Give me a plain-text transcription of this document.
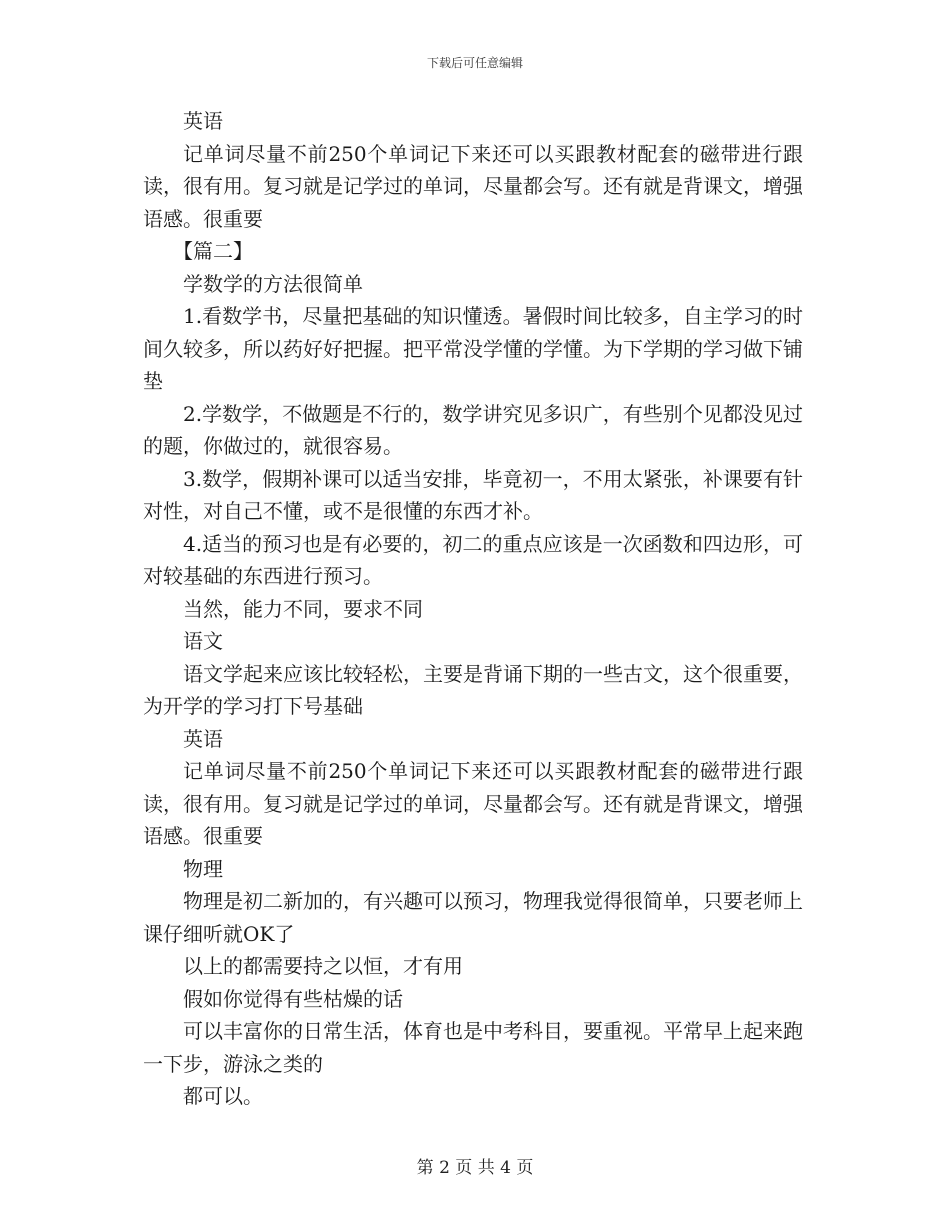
下载后可任意编辑

英语

记单词尽量不前250个单词记下来还可以买跟教材配套的磁带进行跟读，很有用。复习就是记学过的单词，尽量都会写。还有就是背课文，增强语感。很重要

【篇二】

学数学的方法很简单

1.看数学书，尽量把基础的知识懂透。暑假时间比较多，自主学习的时间久较多，所以药好好把握。把平常没学懂的学懂。为下学期的学习做下铺垫

2.学数学，不做题是不行的，数学讲究见多识广，有些别个见都没见过的题，你做过的，就很容易。

3.数学，假期补课可以适当安排，毕竟初一，不用太紧张，补课要有针对性，对自己不懂，或不是很懂的东西才补。

4.适当的预习也是有必要的，初二的重点应该是一次函数和四边形，可对较基础的东西进行预习。

当然，能力不同，要求不同

语文

语文学起来应该比较轻松，主要是背诵下期的一些古文，这个很重要，为开学的学习打下号基础

英语

记单词尽量不前250个单词记下来还可以买跟教材配套的磁带进行跟读，很有用。复习就是记学过的单词，尽量都会写。还有就是背课文，增强语感。很重要

物理

物理是初二新加的，有兴趣可以预习，物理我觉得很简单，只要老师上课仔细听就OK了

以上的都需要持之以恒，才有用

假如你觉得有些枯燥的话

可以丰富你的日常生活，体育也是中考科目，要重视。平常早上起来跑一下步，游泳之类的

都可以。

第 2 页 共 4 页
